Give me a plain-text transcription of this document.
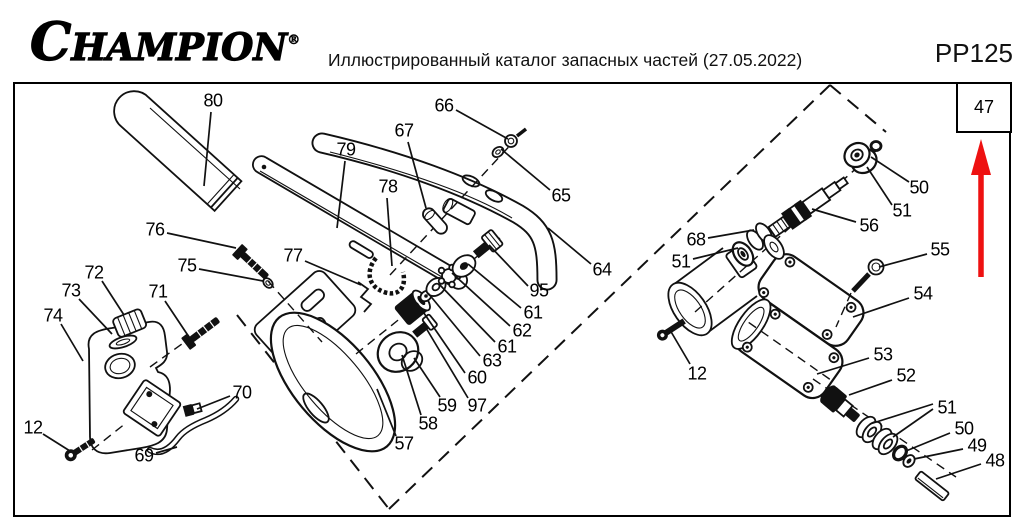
CHAMPION®
Иллюстрированный каталог запасных частей (27.05.2022)	PP125
47
80
79
78
67
66
65
64
95
61
62
61
63
60
97
59
58
57
76
75	77
72
73
74
71
70
12
69
68
51
56
50
51
55
54
12
53
52
51
50
49
48
